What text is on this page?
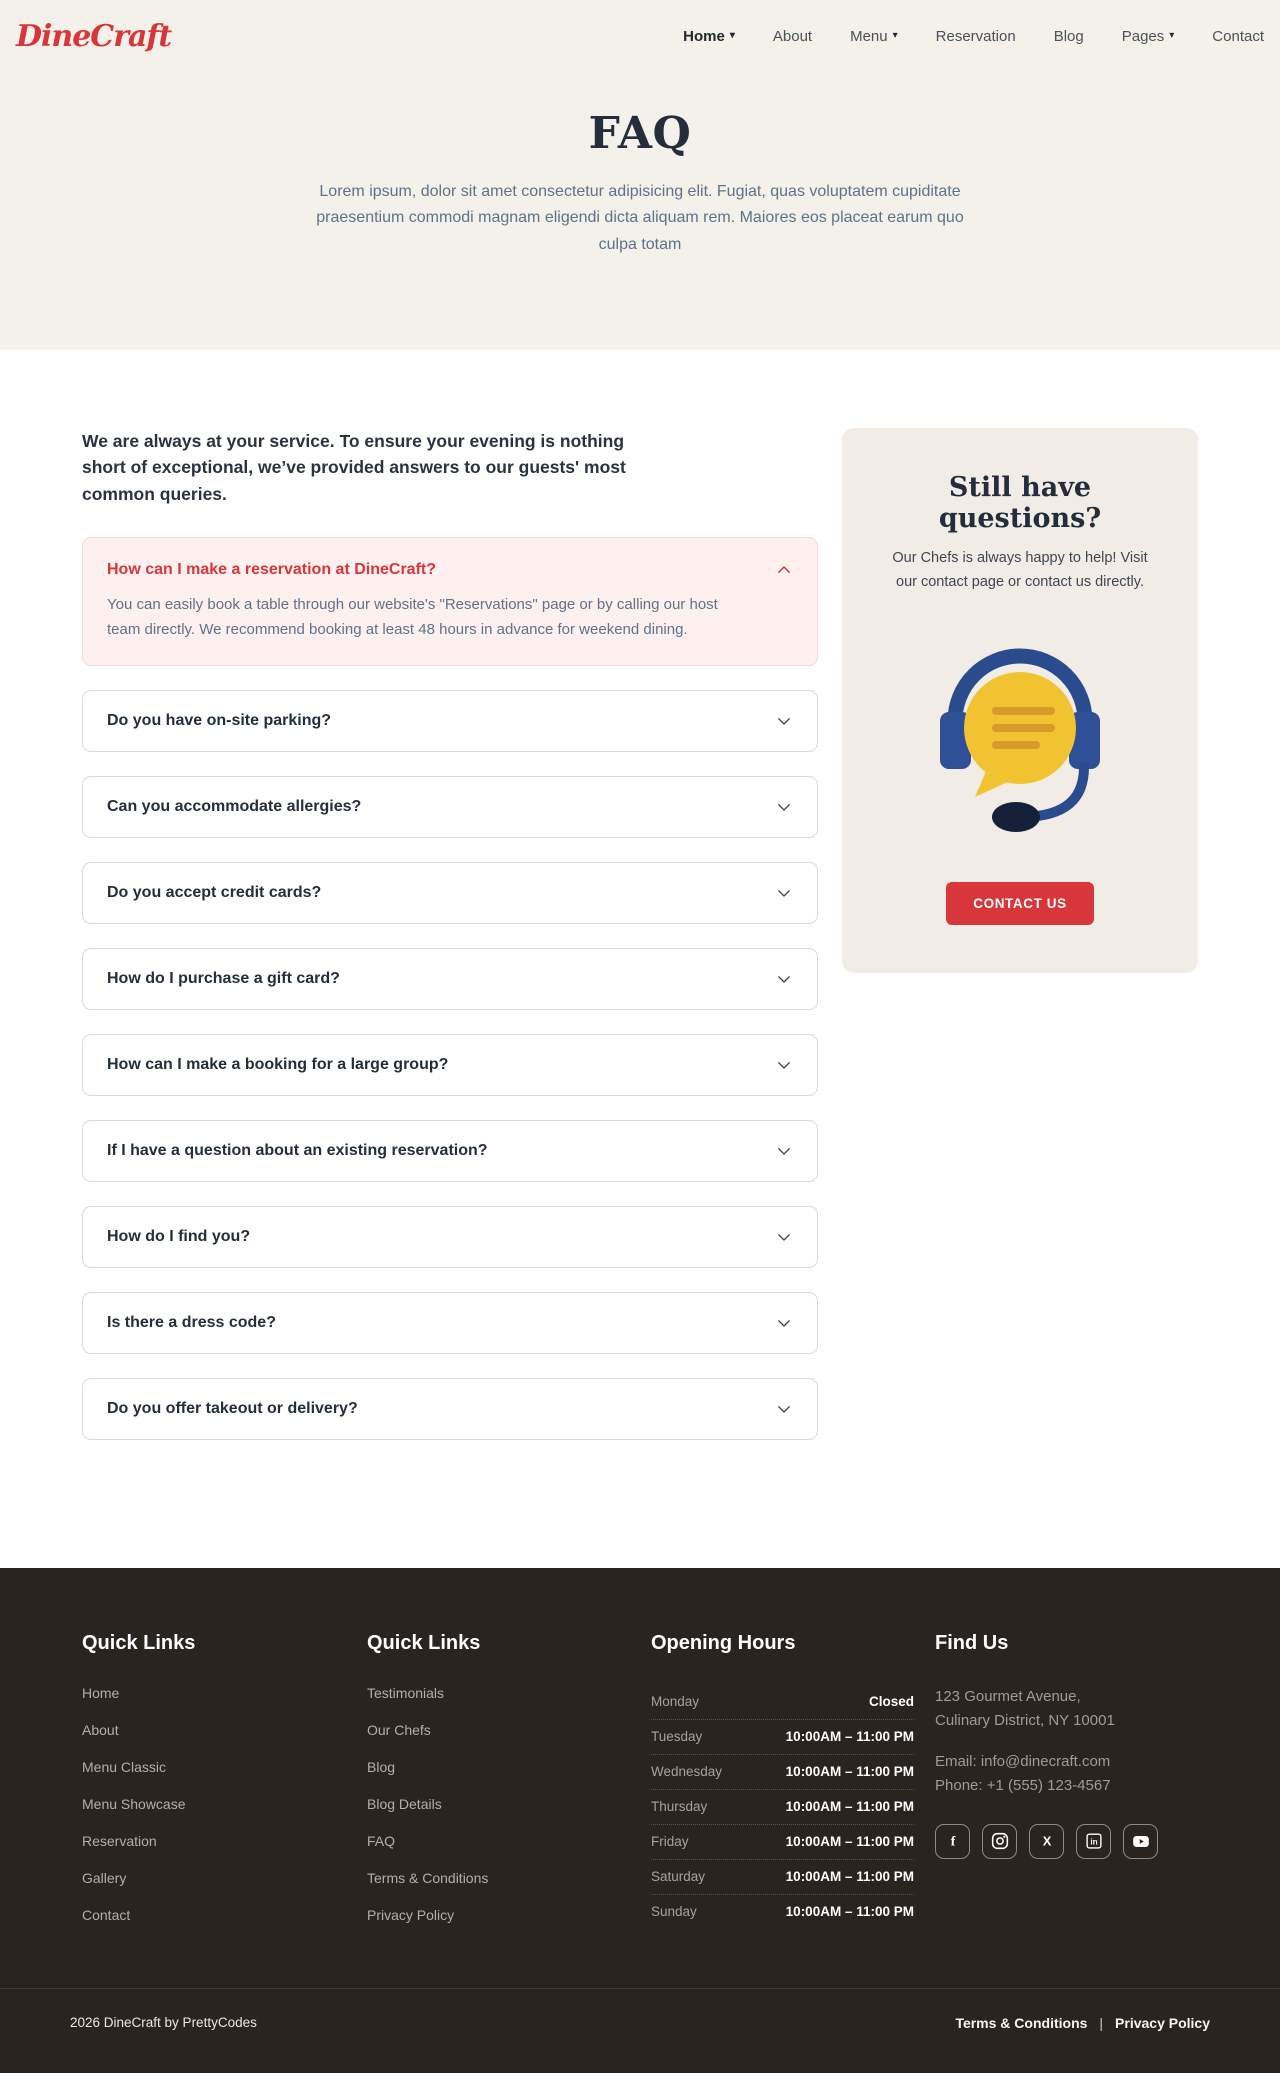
DineCraft	Home ▾	About	Menu ▾	Reservation	Blog	Pages ▾	Contact
FAQ

Lorem ipsum, dolor sit amet consectetur adipisicing elit. Fugiat, quas voluptatem cupiditate praesentium commodi magnam eligendi dicta aliquam rem. Maiores eos placeat earum quo culpa totam

We are always at your service. To ensure your evening is nothing short of exceptional, we’ve provided answers to our guests' most common queries.

How can I make a reservation at DineCraft?
You can easily book a table through our website's "Reservations" page or by calling our host team directly. We recommend booking at least 48 hours in advance for weekend dining.
Do you have on-site parking?
Can you accommodate allergies?
Do you accept credit cards?
How do I purchase a gift card?
How can I make a booking for a large group?
If I have a question about an existing reservation?
How do I find you?
Is there a dress code?
Do you offer takeout or delivery?
Still have questions?

Our Chefs is always happy to help! Visit our contact page or contact us directly.

CONTACT US
Quick Links
Home
About
Menu Classic
Menu Showcase
Reservation
Gallery
Contact
Quick Links
Testimonials
Our Chefs
Blog
Blog Details
FAQ
Terms & Conditions
Privacy Policy
Opening Hours
Monday	Closed
Tuesday	10:00AM – 11:00 PM
Wednesday	10:00AM – 11:00 PM
Thursday	10:00AM – 11:00 PM
Friday	10:00AM – 11:00 PM
Saturday	10:00AM – 11:00 PM
Sunday	10:00AM – 11:00 PM
Find Us
123 Gourmet Avenue,
Culinary District, NY 10001
Email: info@dinecraft.com
Phone: +1 (555) 123-4567
f	X	in
2026 DineCraft by PrettyCodes	Terms & Conditions | Privacy Policy
